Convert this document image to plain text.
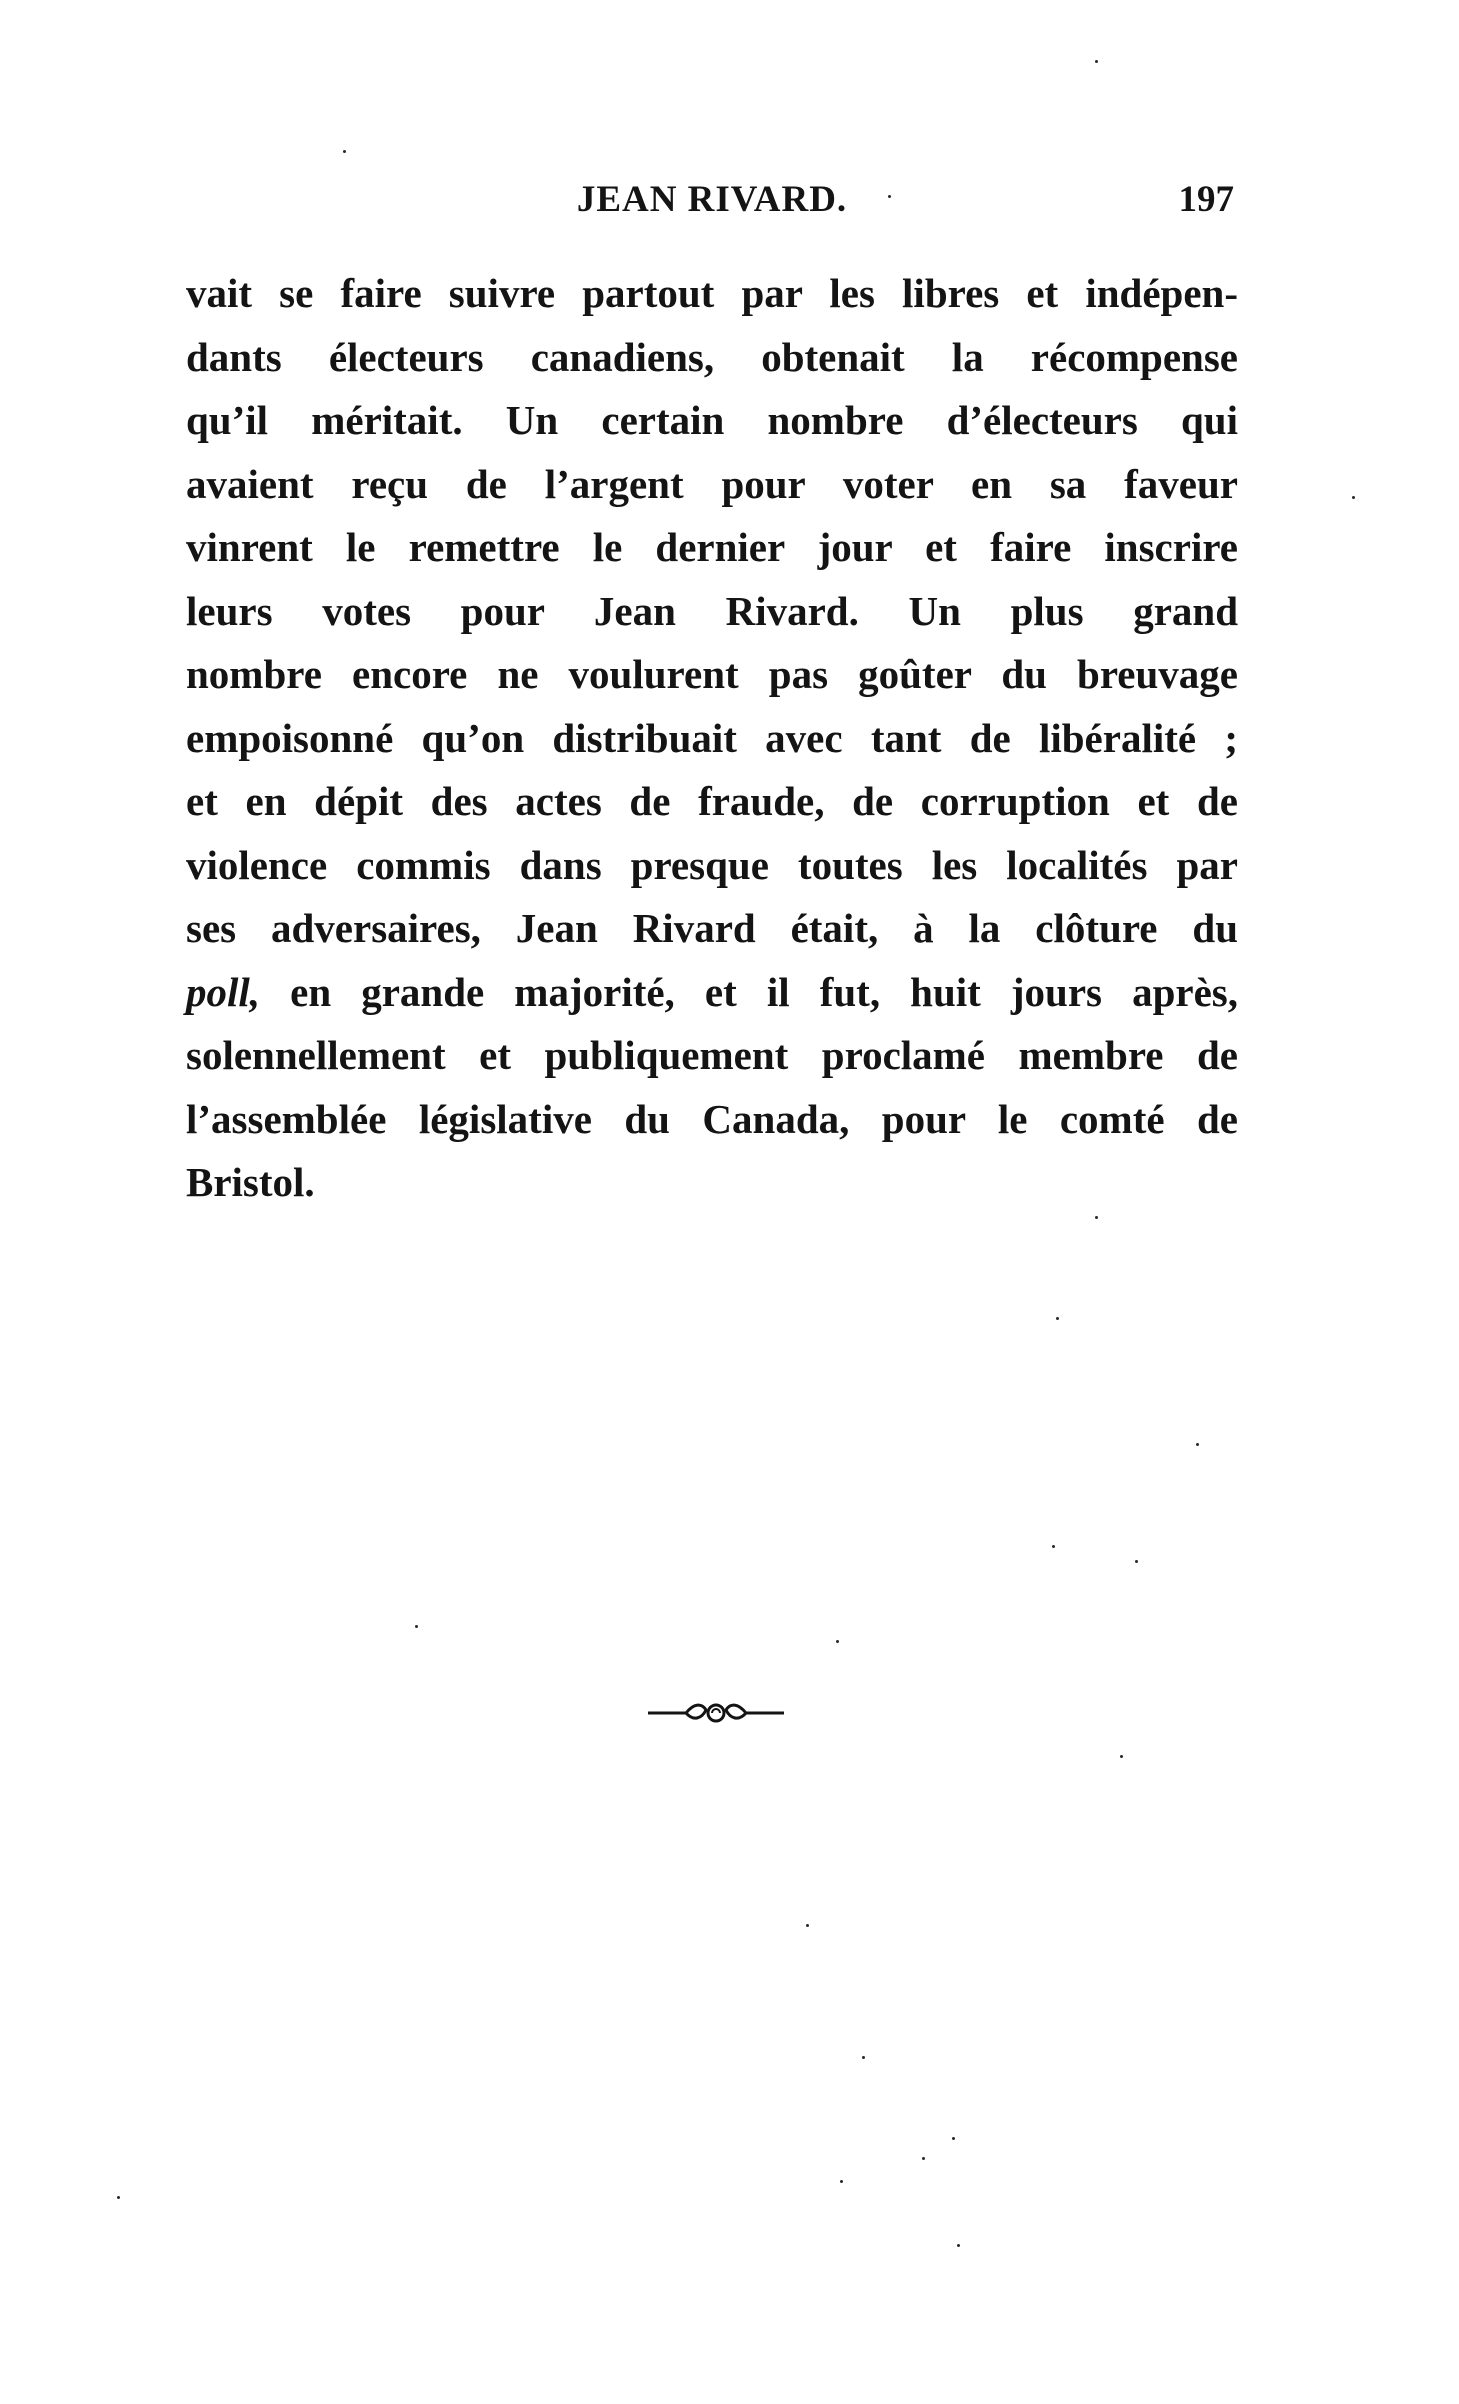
JEAN RIVARD.	197
vait se faire suivre partout par les libres et indépen-
dants électeurs canadiens, obtenait la récompense
qu’il méritait. Un certain nombre d’électeurs qui
avaient reçu de l’argent pour voter en sa faveur
vinrent le remettre le dernier jour et faire inscrire
leurs votes pour Jean Rivard. Un plus grand
nombre encore ne voulurent pas goûter du breuvage
empoisonné qu’on distribuait avec tant de libéralité ;
et en dépit des actes de fraude, de corruption et de
violence commis dans presque toutes les localités par
ses adversaires, Jean Rivard était, à la clôture du
poll, en grande majorité, et il fut, huit jours après,
solennellement et publiquement proclamé membre de
l’assemblée législative du Canada, pour le comté de
Bristol.
